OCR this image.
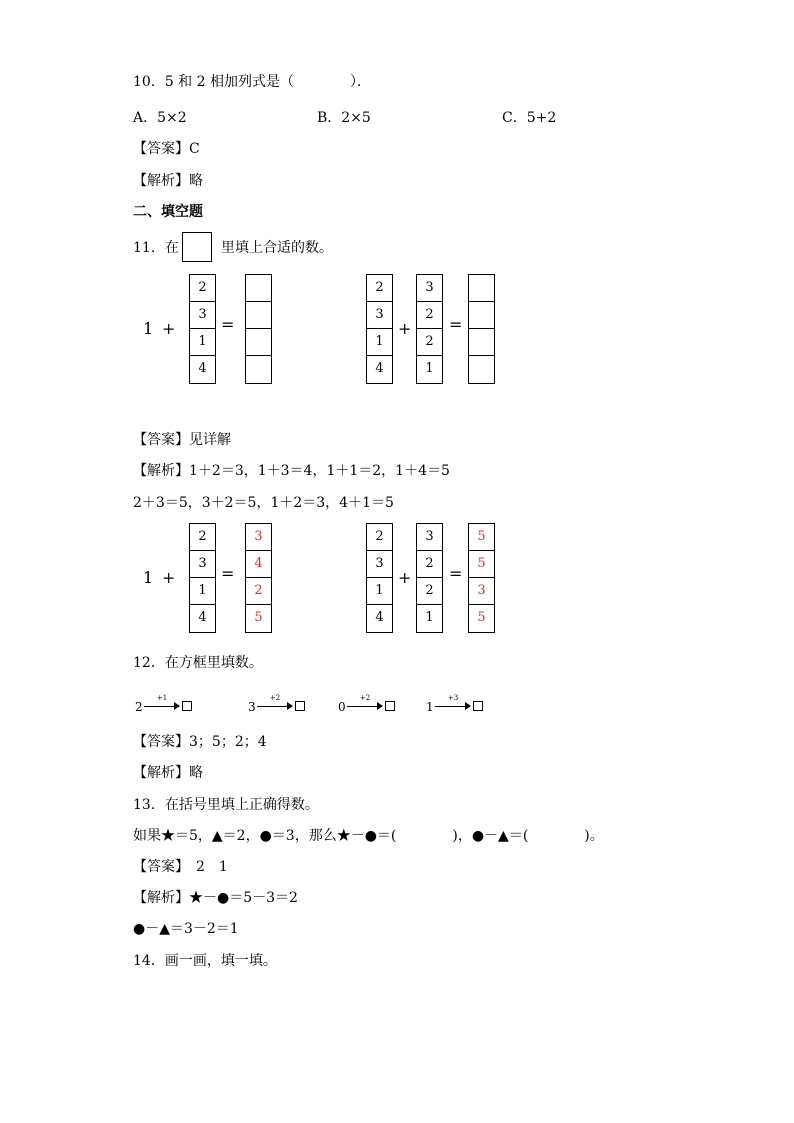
10．5 和 2 相加列式是（　　　　）．
A．5×2	B．2×5	C．5+2
【答案】C
【解析】略
二、填空题
11．在	里填上合适的数。
1 +
2
3
1
4
=
2
3
1
4
+
3
2
2
1
=
【答案】见详解
【解析】1＋2＝3，1＋3＝4，1＋1＝2，1＋4＝5
2＋3＝5，3＋2＝5，1＋2＝3，4＋1＝5
1 +
2
3
1
4
=
3
4
2
5
2
3
1
4
+
3
2
2
1
=
5
5
3
5
12．在方框里填数。
2
+1
3
+2
0
+2
1
+3
【答案】3；5；2；4
【解析】略
13．在括号里填上正确得数。
如果★＝5，▲＝2，●＝3，那么★－●＝(　　　　)，●－▲＝(　　　　)。
【答案】　2　1
【解析】★－●＝5－3＝2
●－▲＝3－2＝1
14．画一画，填一填。
